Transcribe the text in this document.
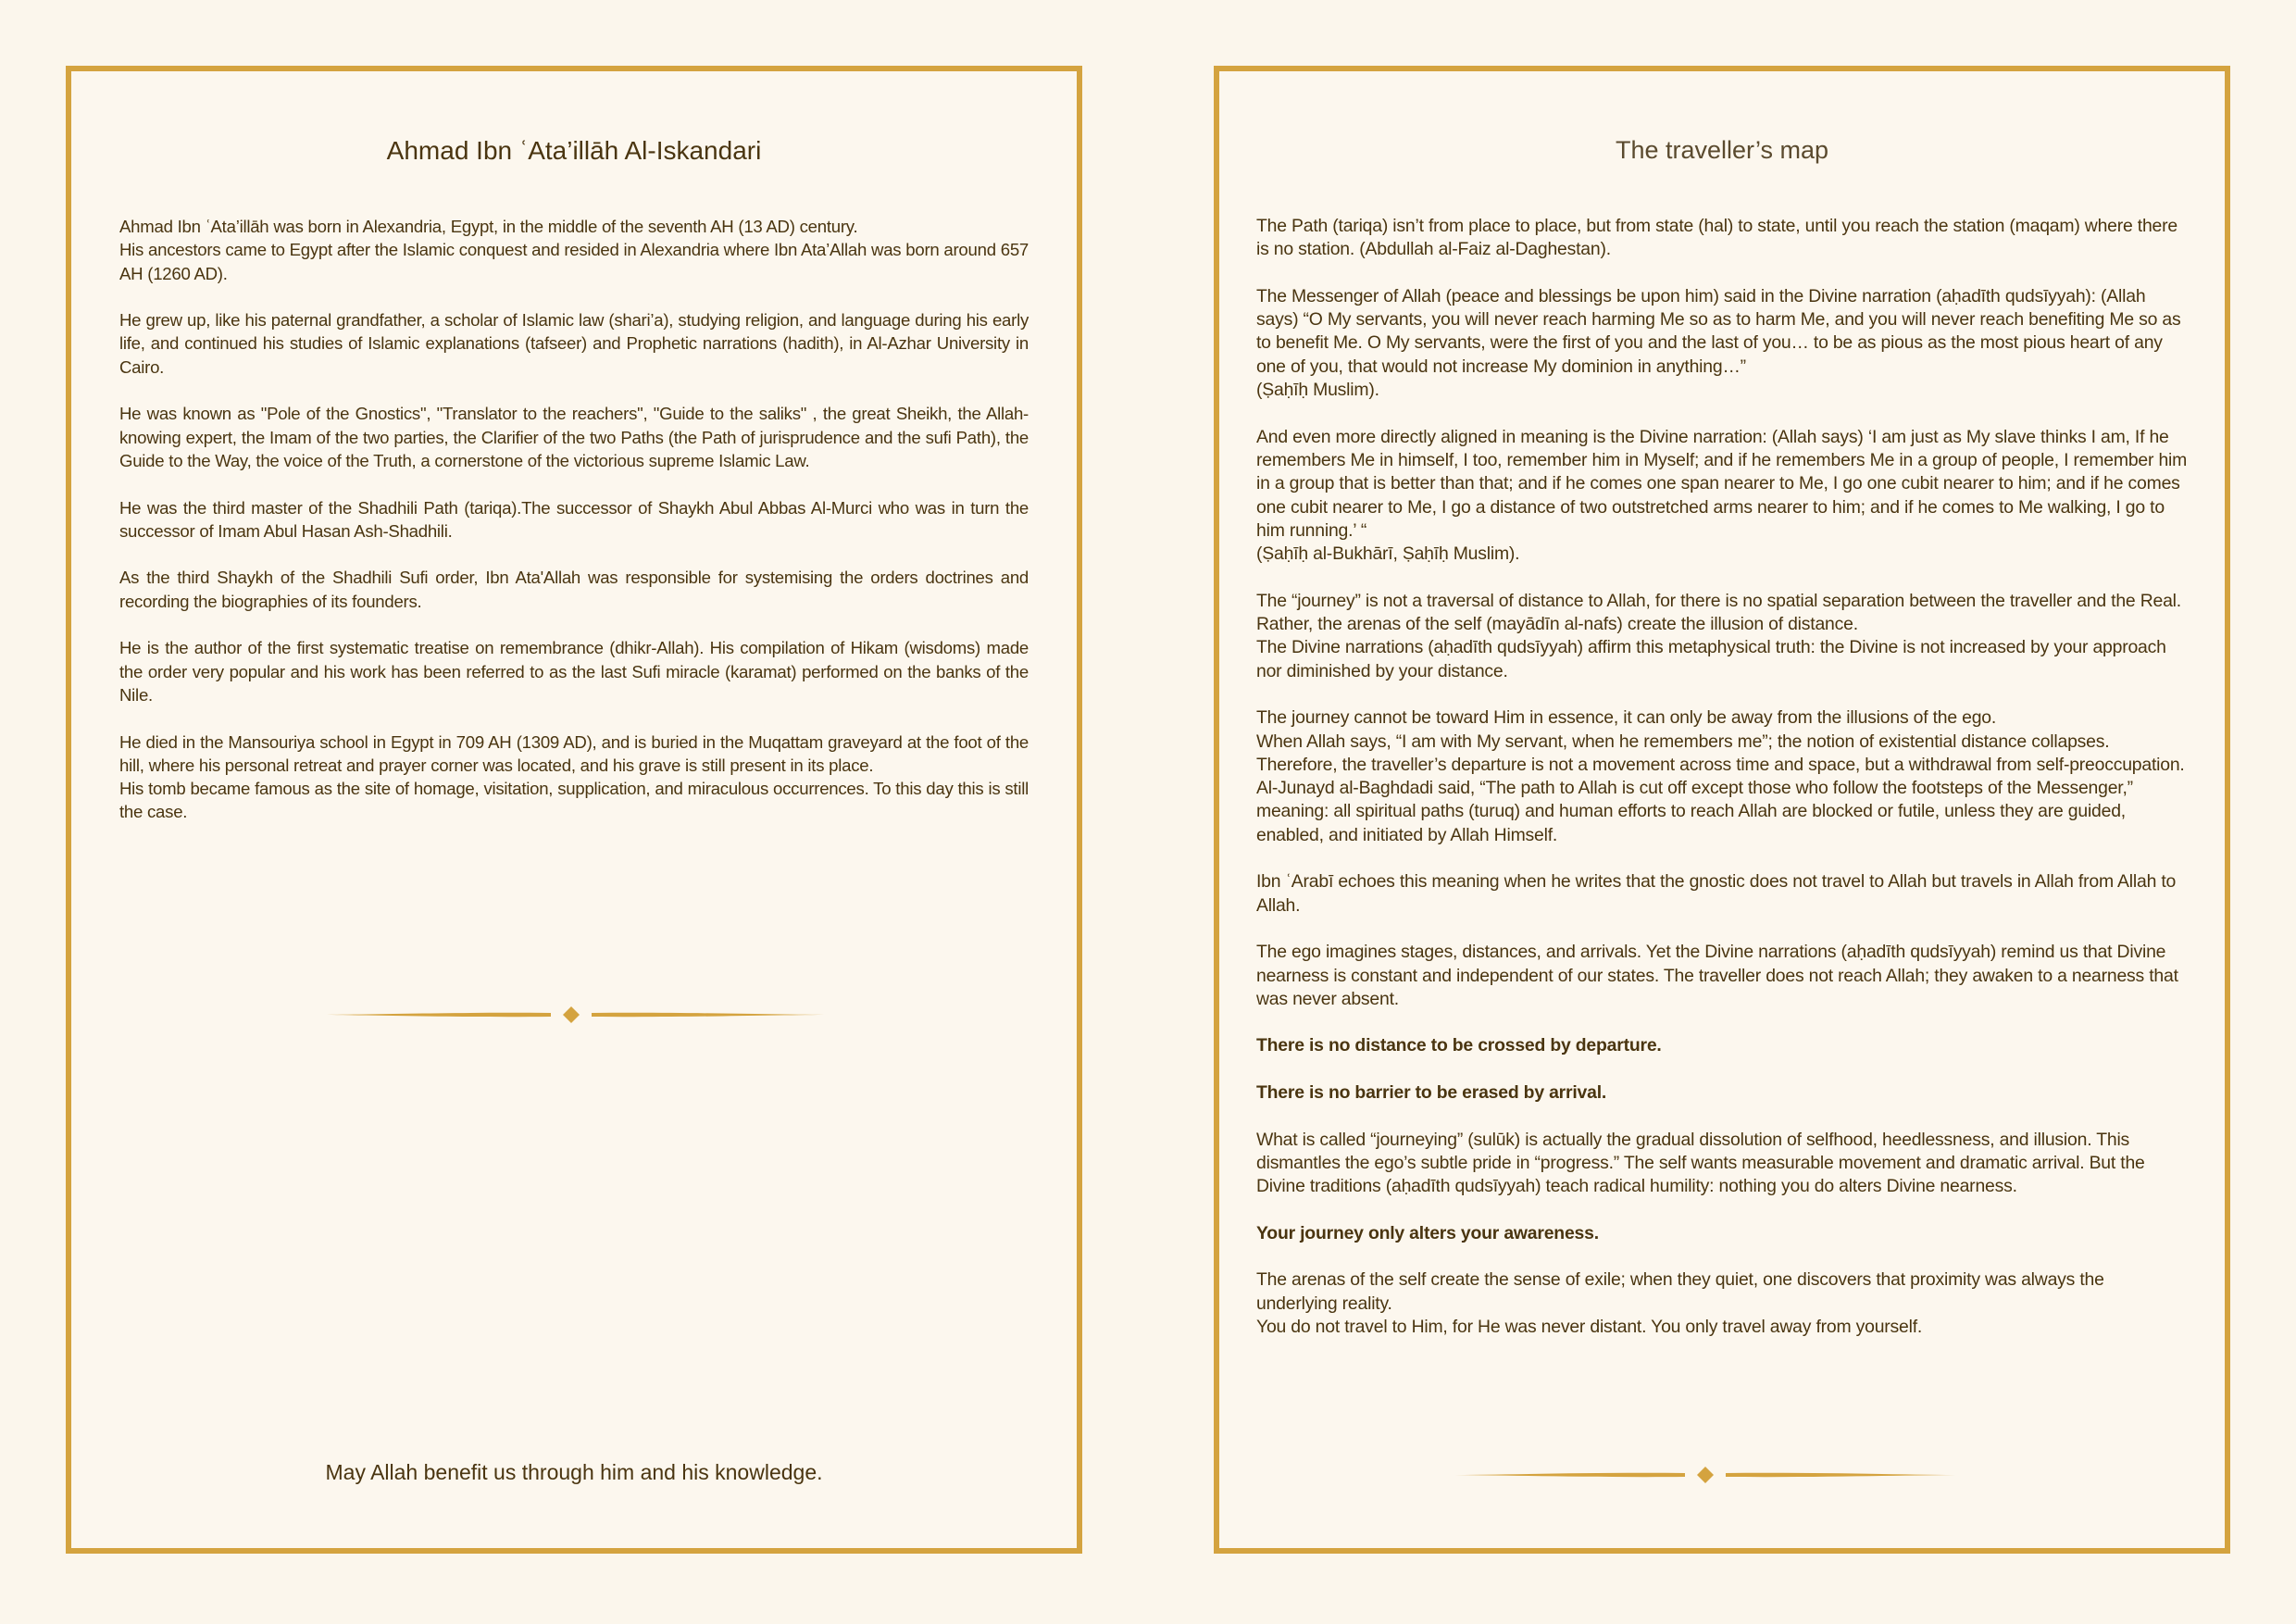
Ahmad Ibn ʿAta’illāh Al-Iskandari

Ahmad Ibn ʿAta’illāh was born in Alexandria, Egypt, in the middle of the seventh AH (13 AD) century.
His ancestors came to Egypt after the Islamic conquest and resided in Alexandria where Ibn Ata’Allah was born around 657 AH (1260 AD).

He grew up, like his paternal grandfather, a scholar of Islamic law (shari’a), studying religion, and language during his early life, and continued his studies of Islamic explanations (tafseer) and Prophetic narrations (hadith), in Al-Azhar University in Cairo.

He was known as "Pole of the Gnostics", "Translator to the reachers", "Guide to the saliks" , the great Sheikh, the Allah-knowing expert, the Imam of the two parties, the Clarifier of the two Paths (the Path of jurisprudence and the sufi Path), the Guide to the Way, the voice of the Truth, a cornerstone of the victorious supreme Islamic Law.

He was the third master of the Shadhili Path (tariqa).The successor of Shaykh Abul Abbas Al-Murci who was in turn the successor of Imam Abul Hasan Ash-Shadhili.

As the third Shaykh of the Shadhili Sufi order, Ibn Ata'Allah was responsible for systemising the orders doctrines and recording the biographies of its founders.

He is the author of the first systematic treatise on remembrance (dhikr-Allah). His compilation of Hikam (wisdoms) made the order very popular and his work has been referred to as the last Sufi miracle (karamat) performed on the banks of the Nile.

He died in the Mansouriya school in Egypt in 709 AH (1309 AD), and is buried in the Muqattam graveyard at the foot of the hill, where his personal retreat and prayer corner was located, and his grave is still present in its place.
His tomb became famous as the site of homage, visitation, supplication, and miraculous occurrences. To this day this is still the case.

May Allah benefit us through him and his knowledge.

The traveller’s map

The Path (tariqa) isn’t from place to place, but from state (hal) to state, until you reach the station (maqam) where there is no station. (Abdullah al-Faiz al-Daghestan).

The Messenger of Allah (peace and blessings be upon him) said in the Divine narration (aḥadīth qudsīyyah): (Allah says) “O My servants, you will never reach harming Me so as to harm Me, and you will never reach benefiting Me so as to benefit Me. O My servants, were the first of you and the last of you… to be as pious as the most pious heart of any one of you, that would not increase My dominion in anything…”
(Ṣaḥīḥ Muslim).

And even more directly aligned in meaning is the Divine narration: (Allah says) ‘I am just as My slave thinks I am, If he remembers Me in himself, I too, remember him in Myself; and if he remembers Me in a group of people, I remember him in a group that is better than that; and if he comes one span nearer to Me, I go one cubit nearer to him; and if he comes one cubit nearer to Me, I go a distance of two outstretched arms nearer to him; and if he comes to Me walking, I go to him running.’ “
(Ṣaḥīḥ al-Bukhārī, Ṣaḥīḥ Muslim).

The “journey” is not a traversal of distance to Allah, for there is no spatial separation between the traveller and the Real. Rather, the arenas of the self (mayādīn al-nafs) create the illusion of distance.
The Divine narrations (aḥadīth qudsīyyah) affirm this metaphysical truth: the Divine is not increased by your approach nor diminished by your distance.

The journey cannot be toward Him in essence, it can only be away from the illusions of the ego.
When Allah says, “I am with My servant, when he remembers me”; the notion of existential distance collapses. Therefore, the traveller’s departure is not a movement across time and space, but a withdrawal from self-preoccupation.
Al-Junayd al-Baghdadi said, “The path to Allah is cut off except those who follow the footsteps of the Messenger,” meaning: all spiritual paths (turuq) and human efforts to reach Allah are blocked or futile, unless they are guided, enabled, and initiated by Allah Himself.

Ibn ʿArabī echoes this meaning when he writes that the gnostic does not travel to Allah but travels in Allah from Allah to Allah.

The ego imagines stages, distances, and arrivals. Yet the Divine narrations (aḥadīth qudsīyyah) remind us that Divine nearness is constant and independent of our states. The traveller does not reach Allah; they awaken to a nearness that was never absent.

There is no distance to be crossed by departure.

There is no barrier to be erased by arrival.

What is called “journeying” (sulūk) is actually the gradual dissolution of selfhood, heedlessness, and illusion. This dismantles the ego’s subtle pride in “progress.” The self wants measurable movement and dramatic arrival. But the Divine traditions (aḥadīth qudsīyyah) teach radical humility: nothing you do alters Divine nearness.

Your journey only alters your awareness.

The arenas of the self create the sense of exile; when they quiet, one discovers that proximity was always the underlying reality.
You do not travel to Him, for He was never distant. You only travel away from yourself.
